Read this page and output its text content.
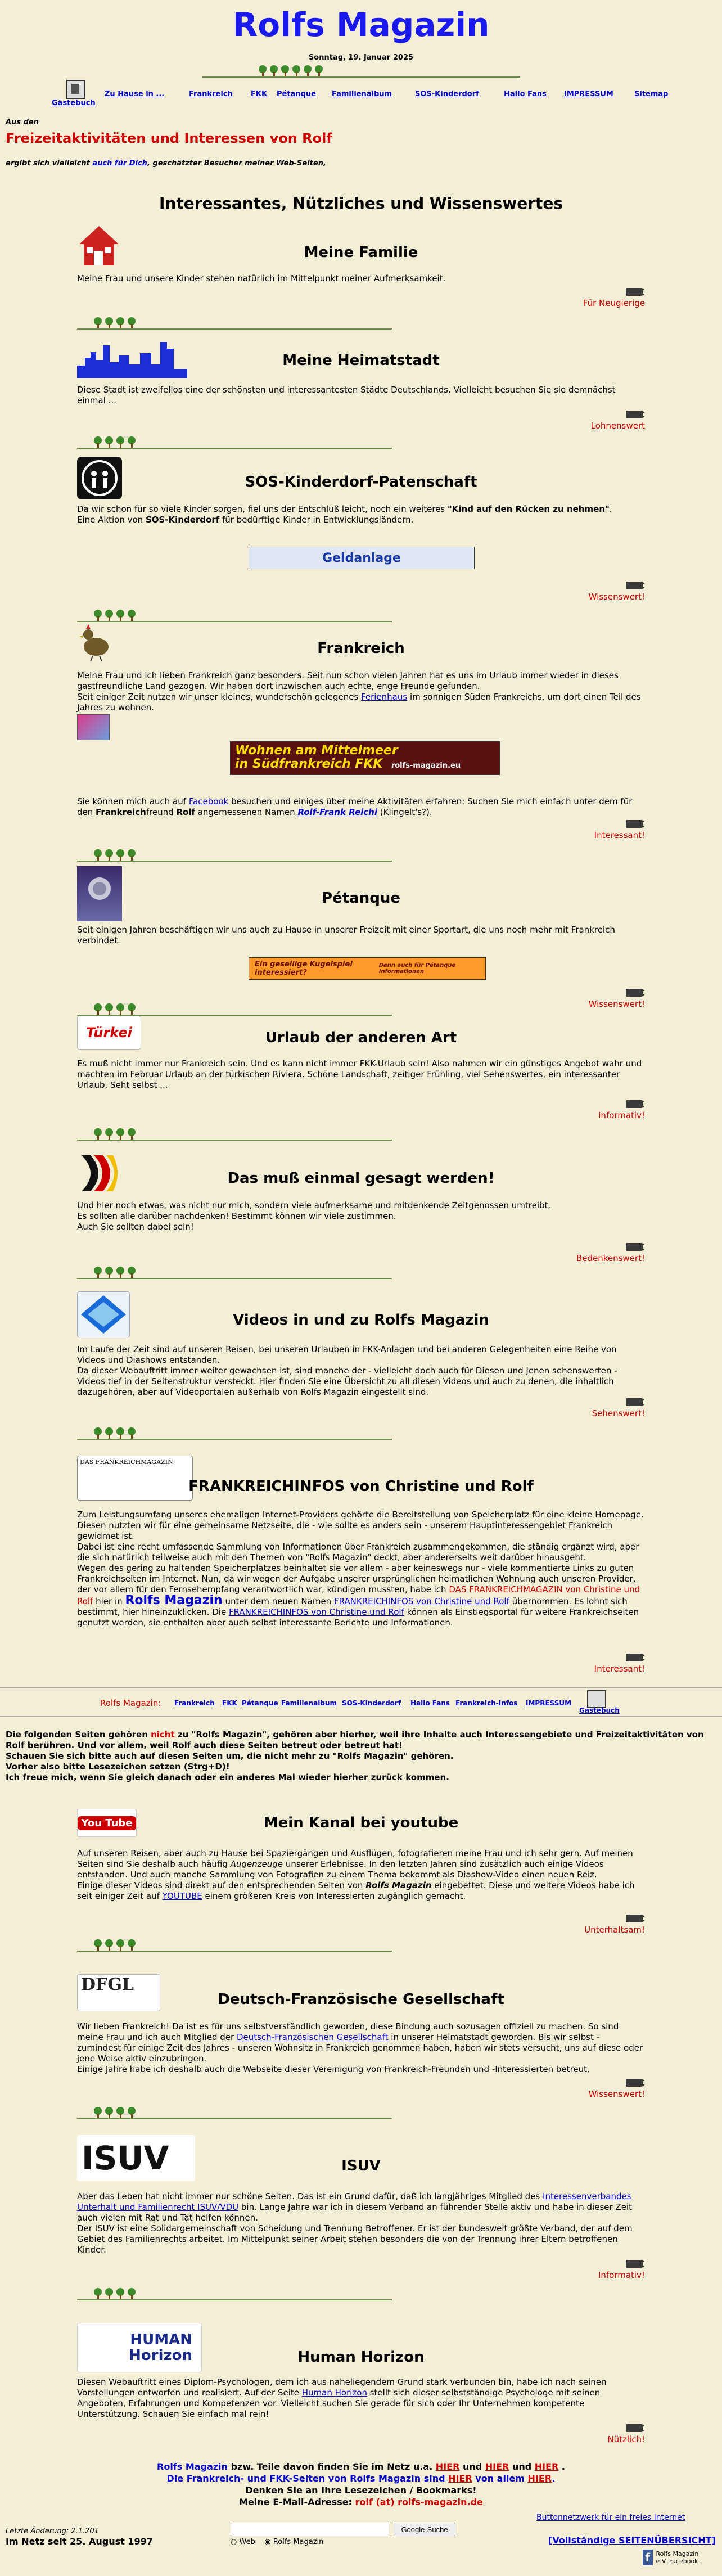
Rolfs Magazin
Sonntag, 19. Januar 2025
Gästebuch
Zu Hause in ...	Frankreich FKK Pétanque Familienalbum	SOS-Kinderdorf	Hallo Fans IMPRESSUM	Sitemap
Aus den
Freizeitaktivitäten und Interessen von Rolf
ergibt sich vielleicht auch für Dich, geschätzter Besucher meiner Web-Seiten,
Interessantes, Nützliches und Wissenswertes
Meine Familie
Meine Frau und unsere Kinder stehen natürlich im Mittelpunkt meiner Aufmerksamkeit.
Für Neugierige
Meine Heimatstadt
Diese Stadt ist zweifellos eine der schönsten und interessantesten Städte Deutschlands. Vielleicht besuchen Sie sie demnächst einmal ...
Lohnenswert
SOS-Kinderdorf-Patenschaft
Da wir schon für so viele Kinder sorgen, fiel uns der Entschluß leicht, noch ein weiteres "Kind auf den Rücken zu nehmen".
Eine Aktion von SOS-Kinderdorf für bedürftige Kinder in Entwicklungsländern.
Geldanlage
Wissenswert!
Frankreich
Meine Frau und ich lieben Frankreich ganz besonders. Seit nun schon vielen Jahren hat es uns im Urlaub immer wieder in dieses gastfreundliche Land gezogen. Wir haben dort inzwischen auch echte, enge Freunde gefunden.
Seit einiger Zeit nutzen wir unser kleines, wunderschön gelegenes Ferienhaus im sonnigen Süden Frankreichs, um dort einen Teil des Jahres zu wohnen.
Wohnen am Mittelmeer
in Südfrankreich FKK rolfs-magazin.eu
Sie können mich auch auf Facebook besuchen und einiges über meine Aktivitäten erfahren: Suchen Sie mich einfach unter dem für den Frankreichfreund Rolf angemessenen Namen Rolf-Frank Reichi (Klingelt's?).
Interessant!
Pétanque
Seit einigen Jahren beschäftigen wir uns auch zu Hause in unserer Freizeit mit einer Sportart, die uns noch mehr mit Frankreich verbindet.
Ein gesellige Kugelspiel interessiert?
Dann auch für Pétanque Informationen
Wissenswert!
Türkei	Urlaub der anderen Art
Es muß nicht immer nur Frankreich sein. Und es kann nicht immer FKK-Urlaub sein! Also nahmen wir ein günstiges Angebot wahr und machten im Februar Urlaub an der türkischen Riviera. Schöne Landschaft, zeitiger Frühling, viel Sehenswertes, ein interessanter Urlaub. Seht selbst ...
Informativ!
Das muß einmal gesagt werden!
Und hier noch etwas, was nicht nur mich, sondern viele aufmerksame und mitdenkende Zeitgenossen umtreibt.
Es sollten alle darüber nachdenken! Bestimmt können wir viele zustimmen.
Auch Sie sollten dabei sein!
Bedenkenswert!
Videos in und zu Rolfs Magazin
Im Laufe der Zeit sind auf unseren Reisen, bei unseren Urlauben in FKK-Anlagen und bei anderen Gelegenheiten eine Reihe von Videos und Diashows entstanden.
Da dieser Webauftritt immer weiter gewachsen ist, sind manche der - vielleicht doch auch für Diesen und Jenen sehenswerten - Videos tief in der Seitenstruktur versteckt. Hier finden Sie eine Übersicht zu all diesen Videos und auch zu denen, die inhaltlich dazugehören, aber auf Videoportalen außerhalb von Rolfs Magazin eingestellt sind.
Sehenswert!
DAS FRANKREICHMAGAZIN
FRANKREICHINFOS von Christine und Rolf
Zum Leistungsumfang unseres ehemaligen Internet-Providers gehörte die Bereitstellung von Speicherplatz für eine kleine Homepage. Diesen nutzten wir für eine gemeinsame Netzseite, die - wie sollte es anders sein - unserem Hauptinteressengebiet Frankreich gewidmet ist.
Dabei ist eine recht umfassende Sammlung von Informationen über Frankreich zusammengekommen, die ständig ergänzt wird, aber die sich natürlich teilweise auch mit den Themen von "Rolfs Magazin" deckt, aber andererseits weit darüber hinausgeht.
Wegen des gering zu haltenden Speicherplatzes beinhaltet sie vor allem - aber keineswegs nur - viele kommentierte Links zu guten Frankreichseiten im Internet. Nun, da wir wegen der Aufgabe unserer ursprünglichen heimatlichen Wohnung auch unseren Provider, der vor allem für den Fernsehempfang verantwortlich war, kündigen mussten, habe ich DAS FRANKREICHMAGAZIN von Christine und Rolf hier in Rolfs Magazin unter dem neuen Namen FRANKREICHINFOS von Christine und Rolf übernommen. Es lohnt sich bestimmt, hier hineinzuklicken. Die FRANKREICHINFOS von Christine und Rolf können als Einstiegsportal für weitere Frankreichseiten genutzt werden, sie enthalten aber auch selbst interessante Berichte und Informationen.
Interessant!
Rolfs Magazin: Frankreich FKK Pétanque Familienalbum SOS-Kinderdorf Hallo Fans Frankreich-Infos IMPRESSUM
Gästebuch
Die folgenden Seiten gehören nicht zu "Rolfs Magazin", gehören aber hierher, weil ihre Inhalte auch Interessengebiete und Freizeitaktivitäten von Rolf berühren. Und vor allem, weil Rolf auch diese Seiten betreut oder betreut hat!
Schauen Sie sich bitte auch auf diesen Seiten um, die nicht mehr zu "Rolfs Magazin" gehören.
Vorher also bitte Lesezeichen setzen (Strg+D)!
Ich freue mich, wenn Sie gleich danach oder ein anderes Mal wieder hierher zurück kommen.
You Tube	Mein Kanal bei youtube
Auf unseren Reisen, aber auch zu Hause bei Spaziergängen und Ausflügen, fotografieren meine Frau und ich sehr gern. Auf meinen Seiten sind Sie deshalb auch häufig Augenzeuge unserer Erlebnisse. In den letzten Jahren sind zusätzlich auch einige Videos entstanden. Und auch manche Sammlung von Fotografien zu einem Thema bekommt als Diashow-Video einen neuen Reiz.
Einige dieser Videos sind direkt auf den entsprechenden Seiten von Rolfs Magazin eingebettet. Diese und weitere Videos habe ich seit einiger Zeit auf YOUTUBE einem größeren Kreis von Interessierten zugänglich gemacht.
Unterhaltsam!
DFGL
Deutsch-Französische Gesellschaft
Wir lieben Frankreich! Da ist es für uns selbstverständlich geworden, diese Bindung auch sozusagen offiziell zu machen. So sind meine Frau und ich auch Mitglied der Deutsch-Französischen Gesellschaft in unserer Heimatstadt geworden. Bis wir selbst - zumindest für einige Zeit des Jahres - unseren Wohnsitz in Frankreich genommen haben, haben wir stets versucht, uns auf diese oder jene Weise aktiv einzubringen.
Einige Jahre habe ich deshalb auch die Webseite dieser Vereinigung von Frankreich-Freunden und -Interessierten betreut.
Wissenswert!
ISUV	ISUV
Aber das Leben hat nicht immer nur schöne Seiten. Das ist ein Grund dafür, daß ich langjähriges Mitglied des Interessenverbandes Unterhalt und Familienrecht ISUV/VDU bin. Lange Jahre war ich in diesem Verband an führender Stelle aktiv und habe in dieser Zeit auch vielen mit Rat und Tat helfen können.
Der ISUV ist eine Solidargemeinschaft von Scheidung und Trennung Betroffener. Er ist der bundesweit größte Verband, der auf dem Gebiet des Familienrechts arbeitet. Im Mittelpunkt seiner Arbeit stehen besonders die von der Trennung ihrer Eltern betroffenen Kinder.
Informativ!
HUMAN
Horizon	Human Horizon
Diesen Webauftritt eines Diplom-Psychologen, dem ich aus naheliegendem Grund stark verbunden bin, habe ich nach seinen Vorstellungen entworfen und realisiert. Auf der Seite Human Horizon stellt sich dieser selbstständige Psychologe mit seinen Angeboten, Erfahrungen und Kompetenzen vor. Vielleicht suchen Sie gerade für sich oder Ihr Unternehmen kompetente Unterstützung. Schauen Sie einfach mal rein!
Nützlich!
Rolfs Magazin bzw. Teile davon finden Sie im Netz u.a. HIER und HIER und HIER .
Die Frankreich- und FKK-Seiten von Rolfs Magazin sind HIER von allem HIER.
Denken Sie an Ihre Lesezeichen / Bookmarks!
Meine E-Mail-Adresse: rolf (at) rolfs-magazin.de
Letzte Änderung: 2.1.201
Im Netz seit 25. August 1997
Google-Suche
○ Web ◉ Rolfs Magazin
Buttonnetzwerk für ein freies Internet
[Vollständige SEITENÜBERSICHT]
f Rolfs Magazin e.V. Facebook
